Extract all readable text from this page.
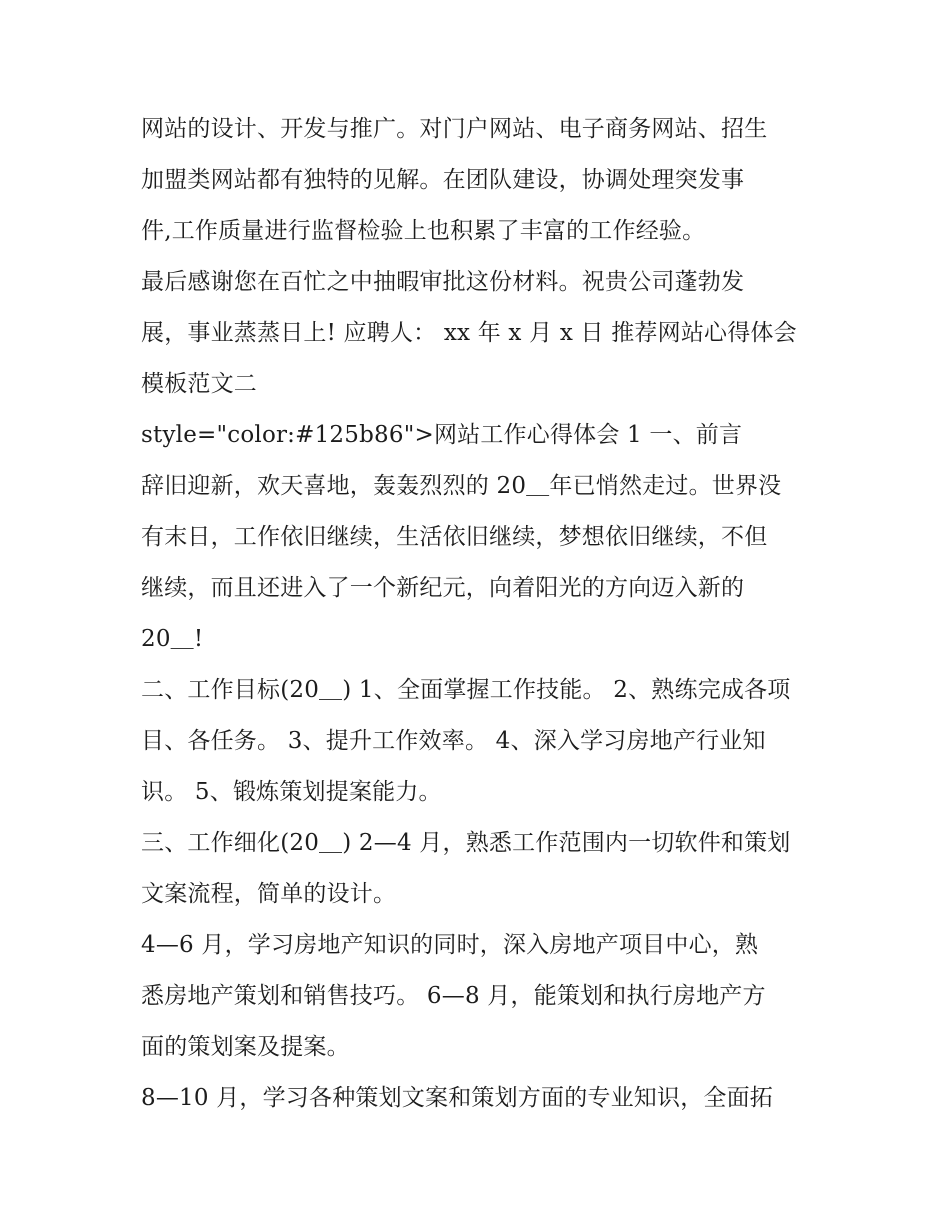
网站的设计、开发与推广。对门户网站、电子商务网站、招生
加盟类网站都有独特的见解。在团队建设，协调处理突发事
件,工作质量进行监督检验上也积累了丰富的工作经验。
最后感谢您在百忙之中抽暇审批这份材料。祝贵公司蓬勃发
展，事业蒸蒸日上! 应聘人： xx 年 x 月 x 日 推荐网站心得体会
模板范文二
style="color:#125b86">网站工作心得体会 1 一、前言
辞旧迎新，欢天喜地，轰轰烈烈的 20＿年已悄然走过。世界没
有末日，工作依旧继续，生活依旧继续，梦想依旧继续，不但
继续，而且还进入了一个新纪元，向着阳光的方向迈入新的
20＿!
二、工作目标(20＿) 1、全面掌握工作技能。 2、熟练完成各项
目、各任务。 3、提升工作效率。 4、深入学习房地产行业知
识。 5、锻炼策划提案能力。
三、工作细化(20＿) 2—4 月，熟悉工作范围内一切软件和策划
文案流程，简单的设计。
4—6 月，学习房地产知识的同时，深入房地产项目中心，熟
悉房地产策划和销售技巧。 6—8 月，能策划和执行房地产方
面的策划案及提案。
8—10 月，学习各种策划文案和策划方面的专业知识，全面拓
